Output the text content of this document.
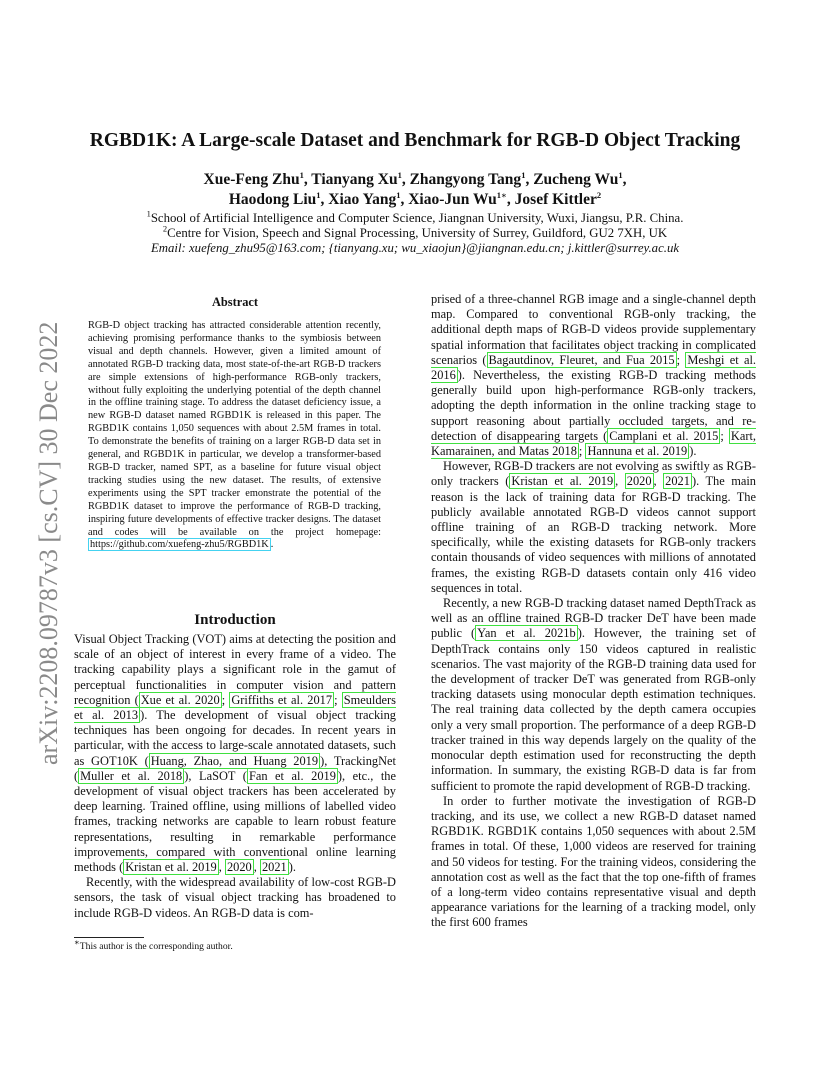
arXiv:2208.09787v3 [cs.CV] 30 Dec 2022
RGBD1K: A Large-scale Dataset and Benchmark for RGB-D Object Tracking
Xue-Feng Zhu$^1$, Tianyang Xu$^1$, Zhangyong Tang$^1$, Zucheng Wu$^1$,
Haodong Liu$^1$, Xiao Yang$^1$, Xiao-Jun $Wu^{1∗}$, Josef Kittler$^2$
$^1$School of Artificial Intelligence and Computer Science, Jiangnan University, Wuxi, Jiangsu, P.R. China.
$^2$Centre for Vision, Speech and Signal Processing, University of Surrey, Guildford, GU2 7XH, UK
Email: xuefeng_zhu95@163.com; {tianyang.xu; wu_xiaojun}@jiangnan.edu.cn; j.kittler@surrey.ac.uk
Abstract
RGB-D object tracking has attracted considerable attention recently, achieving promising performance thanks to the symbiosis between visual and depth channels. However, given a limited amount of annotated RGB-D tracking data, most state-of-the-art RGB-D trackers are simple extensions of high-performance RGB-only trackers, without fully exploiting the underlying potential of the depth channel in the offline training stage. To address the dataset deficiency issue, a new RGB-D dataset named RGBD1K is released in this paper. The RGBD1K contains 1,050 sequences with about 2.5M frames in total. To demonstrate the benefits of training on a larger RGB-D data set in general, and RGBD1K in particular, we develop a transformer-based RGB-D tracker, named SPT, as a baseline for future visual object tracking studies using the new dataset. The results, of extensive experiments using the SPT tracker emonstrate the potential of the RGBD1K dataset to improve the performance of RGB-D tracking, inspiring future developments of effective tracker designs. The dataset and codes will be available on the project homepage: https://github.com/xuefeng-zhu5/RGBD1K .
Introduction

Visual Object Tracking (VOT) aims at detecting the position and scale of an object of interest in every frame of a video. The tracking capability plays a significant role in the gamut of perceptual functionalities in computer vision and pattern recognition ( Xue et al. 2020 ; Griffiths et al. 2017 ; Smeulders et al. 2013 ). The development of visual object tracking techniques has been ongoing for decades. In recent years in particular, with the access to large-scale annotated datasets, such as GOT10K ( Huang, Zhao, and Huang 2019 ), TrackingNet ( Muller et al. 2018 ), LaSOT ( Fan et al. 2019 ), etc., the development of visual object trackers has been accelerated by deep learning. Trained offline, using millions of labelled video frames, tracking networks are capable to learn robust feature representations, resulting in remarkable performance improvements, compared with conventional online learning methods ( Kristan et al. 2019 , 2020 , 2021 ).

Recently, with the widespread availability of low-cost RGB-D sensors, the task of visual object tracking has broadened to include RGB-D videos. An RGB-D data is com-

prised of a three-channel RGB image and a single-channel depth map. Compared to conventional RGB-only tracking, the additional depth maps of RGB-D videos provide supplementary spatial information that facilitates object tracking in complicated scenarios ( Bagautdinov, Fleuret, and Fua 2015 ; Meshgi et al. 2016 ). Nevertheless, the existing RGB-D tracking methods generally build upon high-performance RGB-only trackers, adopting the depth information in the online tracking stage to support reasoning about partially occluded targets, and re-detection of disappearing targets ( Camplani et al. 2015 ; Kart, Kamarainen, and Matas 2018 ; Hannuna et al. 2019 ).

However, RGB-D trackers are not evolving as swiftly as RGB-only trackers ( Kristan et al. 2019 , 2020 , 2021 ). The main reason is the lack of training data for RGB-D tracking. The publicly available annotated RGB-D videos cannot support offline training of an RGB-D tracking network. More specifically, while the existing datasets for RGB-only trackers contain thousands of video sequences with millions of annotated frames, the existing RGB-D datasets contain only 416 video sequences in total.

Recently, a new RGB-D tracking dataset named DepthTrack as well as an offline trained RGB-D tracker DeT have been made public ( Yan et al. 2021b ). However, the training set of DepthTrack contains only 150 videos captured in realistic scenarios. The vast majority of the RGB-D training data used for the development of tracker DeT was generated from RGB-only tracking datasets using monocular depth estimation techniques. The real training data collected by the depth camera occupies only a very small proportion. The performance of a deep RGB-D tracker trained in this way depends largely on the quality of the monocular depth estimation used for reconstructing the depth information. In summary, the existing RGB-D data is far from sufficient to promote the rapid development of RGB-D tracking.

In order to further motivate the investigation of RGB-D tracking, and its use, we collect a new RGB-D dataset named RGBD1K. RGBD1K contains 1,050 sequences with about 2.5M frames in total. Of these, 1,000 videos are reserved for training and 50 videos for testing. For the training videos, considering the annotation cost as well as the fact that the top one-fifth of frames of a long-term video contains representative visual and depth appearance variations for the learning of a tracking model, only the first 600 frames

∗This author is the corresponding author.
